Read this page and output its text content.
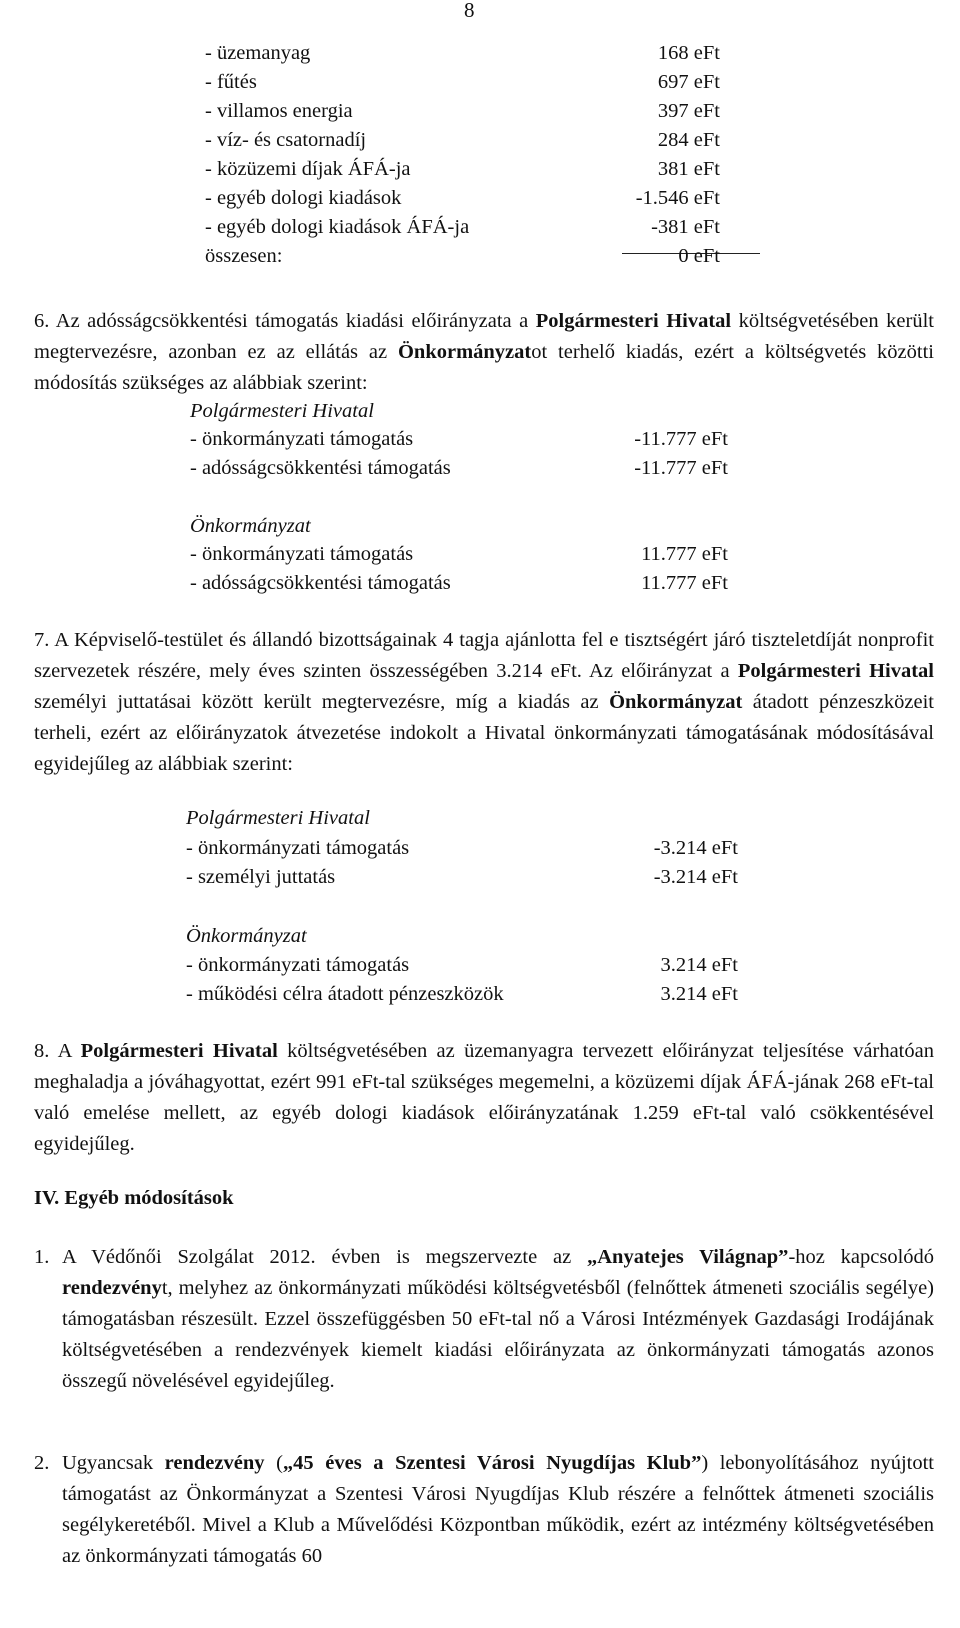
8
- üzemanyag	168 eFt
- fűtés	697 eFt
- villamos energia	397 eFt
- víz- és csatornadíj	284 eFt
- közüzemi díjak ÁFÁ-ja	381 eFt
- egyéb dologi kiadások	-1.546 eFt
- egyéb dologi kiadások ÁFÁ-ja	-381 eFt
összesen:	0 eFt
6. Az adósságcsökkentési támogatás kiadási előirányzata a Polgármesteri Hivatal költségvetésében került megtervezésre, azonban ez az ellátás az Önkormányzatot terhelő kiadás, ezért a költségvetés közötti módosítás szükséges az alábbiak szerint:
Polgármesteri Hivatal
- önkormányzati támogatás	-11.777 eFt
- adósságcsökkentési támogatás	-11.777 eFt
Önkormányzat
- önkormányzati támogatás	11.777 eFt
- adósságcsökkentési támogatás	11.777 eFt
7. A Képviselő-testület és állandó bizottságainak 4 tagja ajánlotta fel e tisztségért járó tiszteletdíját nonprofit szervezetek részére, mely éves szinten összességében 3.214 eFt. Az előirányzat a Polgármesteri Hivatal személyi juttatásai között került megtervezésre, míg a kiadás az Önkormányzat átadott pénzeszközeit terheli, ezért az előirányzatok átvezetése indokolt a Hivatal önkormányzati támogatásának módosításával egyidejűleg az alábbiak szerint:
Polgármesteri Hivatal
- önkormányzati támogatás	-3.214 eFt
- személyi juttatás	-3.214 eFt
Önkormányzat
- önkormányzati támogatás	3.214 eFt
- működési célra átadott pénzeszközök	3.214 eFt
8. A Polgármesteri Hivatal költségvetésében az üzemanyagra tervezett előirányzat teljesítése várhatóan meghaladja a jóváhagyottat, ezért 991 eFt-tal szükséges megemelni, a közüzemi díjak ÁFÁ-jának 268 eFt-tal való emelése mellett, az egyéb dologi kiadások előirányzatának 1.259 eFt-tal való csökkentésével egyidejűleg.
IV. Egyéb módosítások
1. A Védőnői Szolgálat 2012. évben is megszervezte az „Anyatejes Világnap”-hoz kapcsolódó rendezvényt, melyhez az önkormányzati működési költségvetésből (felnőttek átmeneti szociális segélye) támogatásban részesült. Ezzel összefüggésben 50 eFt-tal nő a Városi Intézmények Gazdasági Irodájának költségvetésében a rendezvények kiemelt kiadási előirányzata az önkormányzati támogatás azonos összegű növelésével egyidejűleg.
2. Ugyancsak rendezvény („45 éves a Szentesi Városi Nyugdíjas Klub”) lebonyolításához nyújtott támogatást az Önkormányzat a Szentesi Városi Nyugdíjas Klub részére a felnőttek átmeneti szociális segélykeretéből. Mivel a Klub a Művelődési Központban működik, ezért az intézmény költségvetésében az önkormányzati támogatás 60
